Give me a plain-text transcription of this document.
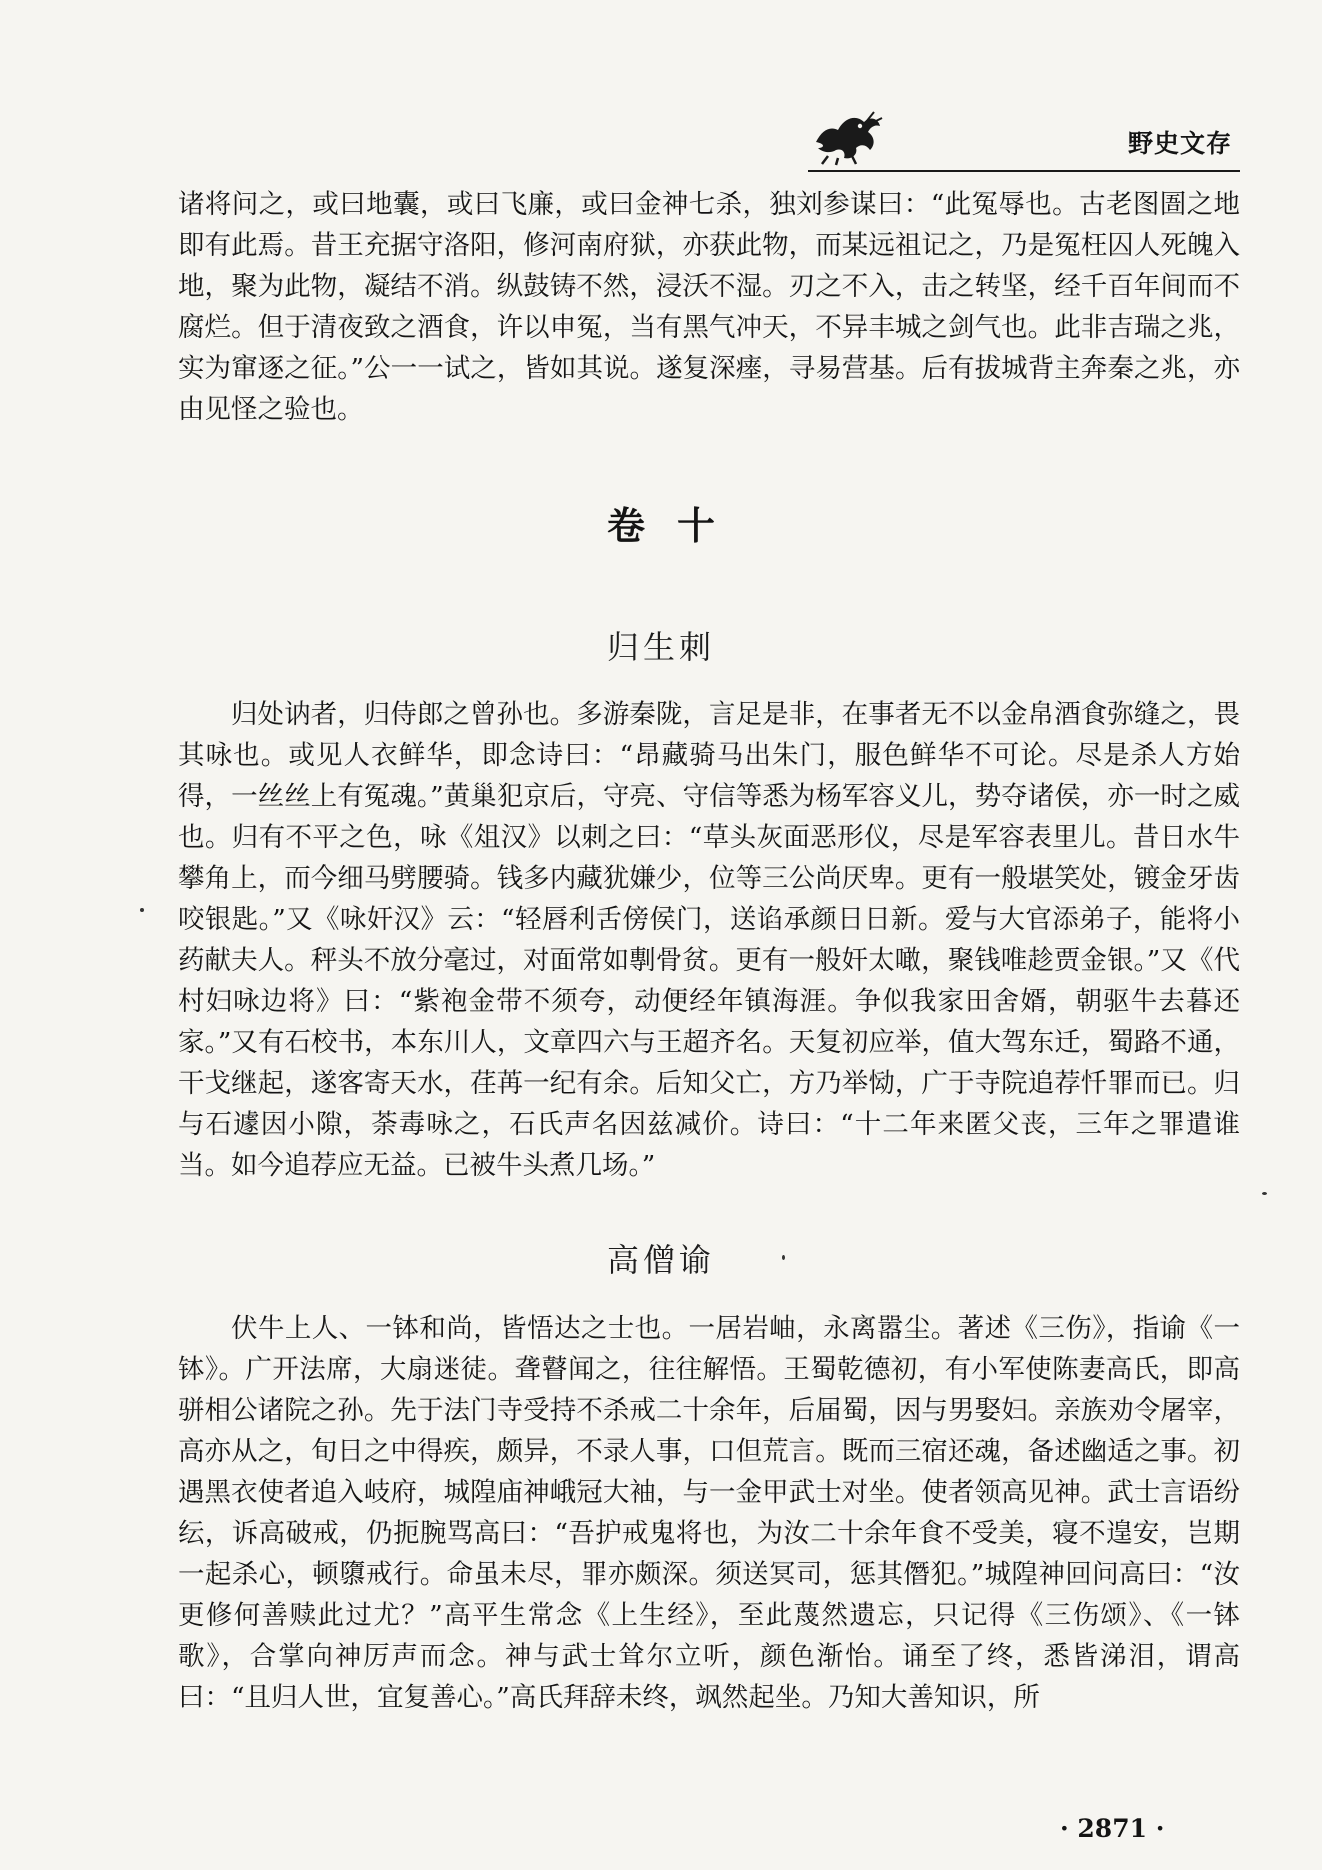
野史文存

诸将问之，或曰地囊，或曰飞廉，或曰金神七杀，独刘参谋曰：“此冤辱也。古老图圄之地即有此焉。昔王充据守洛阳，修河南府狱，亦获此物，而某远祖记之，乃是冤枉囚人死魄入地，聚为此物，凝结不消。纵鼓铸不然，浸沃不湿。刃之不入，击之转坚，经千百年间而不腐烂。但于清夜致之酒食，许以申冤，当有黑气冲天，不异丰城之剑气也。此非吉瑞之兆，实为窜逐之征。”公一一试之，皆如其说。遂复深瘗，寻易营基。后有拔城背主奔秦之兆，亦由见怪之验也。

卷十
归生刺

归处讷者，归侍郎之曾孙也。多游秦陇，言足是非，在事者无不以金帛酒食弥缝之，畏其咏也。或见人衣鲜华，即念诗曰：“昂藏骑马出朱门，服色鲜华不可论。尽是杀人方始得，一丝丝上有冤魂。”黄巢犯京后，守亮、守信等悉为杨军容义儿，势夺诸侯，亦一时之威也。归有不平之色，咏《俎汉》以刺之曰：“草头灰面恶形仪，尽是军容表里儿。昔日水牛攀角上，而今细马劈腰骑。钱多内藏犹嫌少，位等三公尚厌卑。更有一般堪笑处，镀金牙齿咬银匙。”又《咏奸汉》云：“轻唇利舌傍侯门，送谄承颜日日新。爱与大官添弟子，能将小药献夫人。秤头不放分毫过，对面常如剸骨贫。更有一般奸太噉，聚钱唯趁贾金银。”又《代村妇咏边将》曰：“紫袍金带不须夸，动便经年镇海涯。争似我家田舍婿，朝驱牛去暮还家。”又有石校书，本东川人，文章四六与王超齐名。天复初应举，值大驾东迁，蜀路不通，干戈继起，遂客寄天水，荏苒一纪有余。后知父亡，方乃举恸，广于寺院追荐忏罪而已。归与石遽因小隙，荼毒咏之，石氏声名因兹减价。诗曰：“十二年来匿父丧，三年之罪遣谁当。如今追荐应无益。已被牛头煮几场。”

高僧谕

伏牛上人、一钵和尚，皆悟达之士也。一居岩岫，永离嚣尘。著述《三伤》，指谕《一钵》。广开法席，大扇迷徒。聋瞽闻之，往往解悟。王蜀乾德初，有小军使陈妻高氏，即高骈相公诸院之孙。先于法门寺受持不杀戒二十余年，后届蜀，因与男娶妇。亲族劝令屠宰，高亦从之，旬日之中得疾，颇异，不录人事，口但荒言。既而三宿还魂，备述幽适之事。初遇黑衣使者追入岐府，城隍庙神峨冠大袖，与一金甲武士对坐。使者领高见神。武士言语纷纭，诉高破戒，仍扼腕骂高曰：“吾护戒鬼将也，为汝二十余年食不受美，寝不遑安，岂期一起杀心，顿隳戒行。命虽未尽，罪亦颇深。须送冥司，惩其僭犯。”城隍神回问高曰：“汝更修何善赎此过尤？”高平生常念《上生经》，至此蔑然遗忘，只记得《三伤颂》、《一钵歌》，合掌向神厉声而念。神与武士耸尔立听，颜色渐怡。诵至了终，悉皆涕泪，谓高曰：“且归人世，宜复善心。”高氏拜辞未终，飒然起坐。乃知大善知识，所

· 2871 ·
